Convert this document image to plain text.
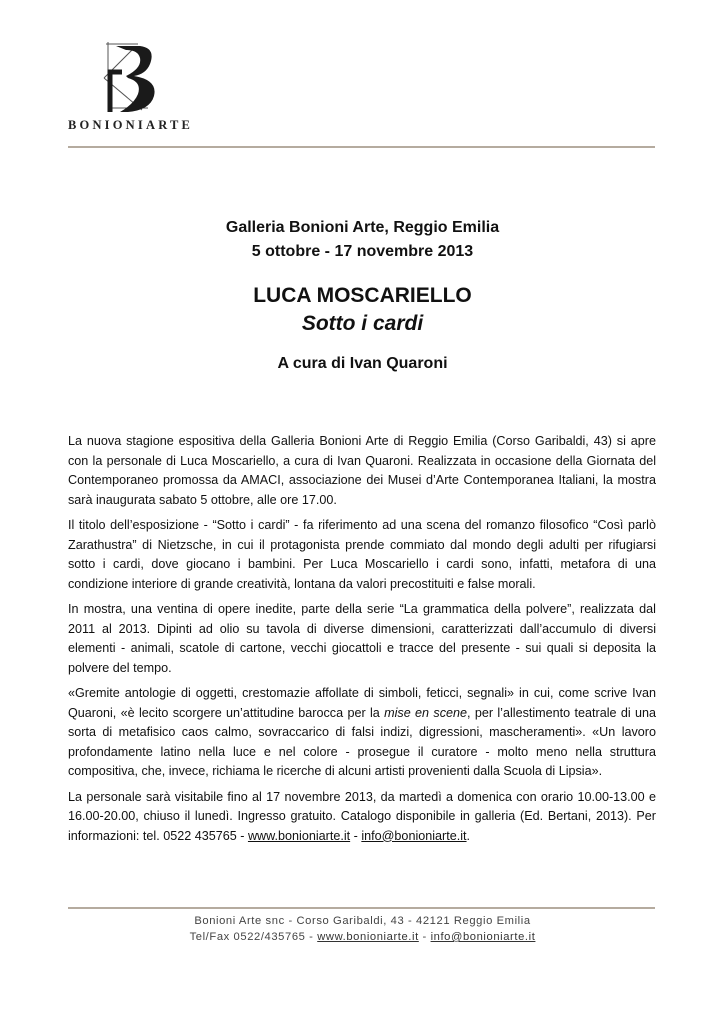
BONIONIARTE
Galleria Bonioni Arte, Reggio Emilia
5 ottobre - 17 novembre 2013
LUCA MOSCARIELLO
Sotto i cardi
A cura di Ivan Quaroni

La nuova stagione espositiva della Galleria Bonioni Arte di Reggio Emilia (Corso Garibaldi, 43) si apre con la personale di Luca Moscariello, a cura di Ivan Quaroni. Realizzata in occasione della Giornata del Contemporaneo promossa da AMACI, associazione dei Musei d’Arte Contemporanea Italiani, la mostra sarà inaugurata sabato 5 ottobre, alle ore 17.00.

Il titolo dell’esposizione - “Sotto i cardi” - fa riferimento ad una scena del romanzo filosofico “Così parlò Zarathustra” di Nietzsche, in cui il protagonista prende commiato dal mondo degli adulti per rifugiarsi sotto i cardi, dove giocano i bambini. Per Luca Moscariello i cardi sono, infatti, metafora di una condizione interiore di grande creatività, lontana da valori precostituiti e false morali.

In mostra, una ventina di opere inedite, parte della serie “La grammatica della polvere”, realizzata dal 2011 al 2013. Dipinti ad olio su tavola di diverse dimensioni, caratterizzati dall’accumulo di diversi elementi - animali, scatole di cartone, vecchi giocattoli e tracce del presente - sui quali si deposita la polvere del tempo.

«Gremite antologie di oggetti, crestomazie affollate di simboli, feticci, segnali» in cui, come scrive Ivan Quaroni, «è lecito scorgere un’attitudine barocca per la mise en scene, per l’allestimento teatrale di una sorta di metafisico caos calmo, sovraccarico di falsi indizi, digressioni, mascheramenti». «Un lavoro profondamente latino nella luce e nel colore - prosegue il curatore - molto meno nella struttura compositiva, che, invece, richiama le ricerche di alcuni artisti provenienti dalla Scuola di Lipsia».

La personale sarà visitabile fino al 17 novembre 2013, da martedì a domenica con orario 10.00-13.00 e 16.00-20.00, chiuso il lunedì. Ingresso gratuito. Catalogo disponibile in galleria (Ed. Bertani, 2013). Per informazioni: tel. 0522 435765 - www.bonioniarte.it - info@bonioniarte.it.

Bonioni Arte snc - Corso Garibaldi, 43 - 42121 Reggio Emilia
Tel/Fax 0522/435765 - www.bonioniarte.it - info@bonioniarte.it
